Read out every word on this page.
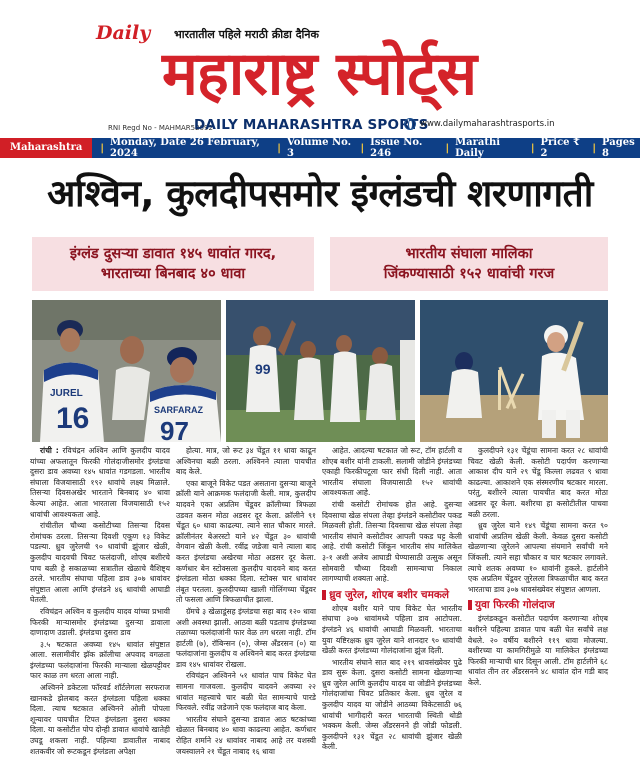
Daily भारतातील पहिले मराठी क्रीडा दैनिक
महाराष्ट्र स्पोर्ट्स
RNI Regd No - MAHMAR52092
DAILY MAHARASHTRA SPORTS
www.dailymaharashtrasports.in
Maharashtra	| Monday, Date 26 February, 2024	| Volume No. 3	| Issue No. 246	| Marathi Daily	| Price ₹ 2	| Pages 8
अश्विन, कुलदीपसमोर इंग्लंडची शरणागती
इंग्लंड दुसऱ्या डावात १४५ धावांत गारद,
भारताच्या बिनबाद ४० धावा
भारतीय संघाला मालिका
जिंकण्यासाठी १५२ धावांची गरज
JUREL
16	SARFARAZ
97
99

रांची : रविचंद्रन अश्विन आणि कुलदीप यादव यांच्या अफलातून फिरकी गोलंदाजीसमोर इंग्लंडचा दुसरा डाव अवघ्या १४५ धावांत गडगडला. भारतीय संघाला विजयासाठी १९२ धावांचे लक्ष्य मिळाले. तिसऱ्या दिवसअखेर भारताने बिनबाद ४० धावा केल्या आहेत. आता भारताला विजयासाठी १५२ धावांची आवश्यकता आहे.

रांचीतील चौथ्या कसोटीच्या तिसऱ्या दिवस रोमांचक ठरला. तिसऱ्या दिवशी एकूण १३ विकेट पडल्या. ध्रुव जुरेलची ९० धावांची झुंजार खेळी, कुलदीप यादवची चिवट फलंदाजी, शोएब बशीरचे पाच बळी हे सकाळच्या सत्रातील खेळाचे वैशिष्ट्य ठरले. भारतीय संघाचा पहिला डाव ३०७ धावांवर संपुष्टात आला आणि इंग्लंडने ४६ धावांची आघाडी घेतली.

रविचंद्रन अश्विन व कुलदीप यादव यांच्या प्रभावी फिरकी माऱ्यासमोर इंग्लंडच्या दुसऱ्या डावाला दाणादाण उडाली. इंग्लंडचा दुसरा डाव

३.५ षटकात अवघ्या १४५ धावांत संपुष्टात आला. सलामीवीर झॅक क्रॉलीचा अपवाद वगळता इंग्लंडच्या फलंदाजांना फिरकी माऱ्याला खेळपट्टीवर फार काळ तग धरता आला नाही.

अश्विनने डकेटला फॉरवर्ड शॉर्टलेगला सरफराज खानकडे झेलबाद करत इंग्लंडला पहिला धक्का दिला. त्याच षटकात अश्विनने ओली पोपला शून्यावर पायचीत टिपत इंग्लंडला दुसरा धक्का दिला. या कसोटीत पोप दोन्ही डावात धावांचे खातेही उघडू शकला नाही. पहिल्या डावातील नाबाद शतकवीर जो रूटकडून इंग्लंडला अपेक्षा

होत्या. मात्र, जो रूट ३४ चेंडूत ११ धावा काढून अश्विनचा बळी ठरला. अश्विनने त्याला पायचीत बाद केले.

एका बाजूने विकेट पडत असताना दुसऱ्या बाजूने क्रॉली याने आक्रमक फलंदाजी केली. मात्र, कुलदीप यादवने एका अप्रतिम चेंडूवर क्रॉलीच्या त्रिफळा उडवत कसन मोठा अडसर दूर केला. क्रॉलीने ९१ चेंडूत ६० धावा काढल्या. त्याने सात चौकार मारले. क्रॉलीनंतर बेअरस्टो याने ४२ चेंडूत ३० धावांची वेगवान खेळी केली. रवींद्र जडेजा याने त्याला बाद करत इंग्लंडचा अखेरचा मोठा अडसर दूर केला. कर्णधार बेन स्टोक्सला कुलदीप यादवने बाद करत इंग्लंडला मोठा धक्का दिला. स्टोक्स चार धावांवर तंबूत परतला. कुलदीपच्या खाली गोलिंगच्या चेंडूवर तो फसला आणि त्रिफळाचीत झाला.

ग्रॅमचे ३ खेळाडूंसह इंग्लंडचा सहा बाद १२० धावा अशी अवस्था झाली. आठवा बळी पडताच इंग्लंडच्या तळाच्या फलंदाजांनी फार वेळ तग धरला नाही. टॉम हार्टली (७), रॉबिन्सन (०), जेम्स अँडरसन (०) या फलंदाजांना कुलदीप व अश्विनने बाद करत इंग्लंडचा डाव १४५ धावांवर रोखला.

रविचंद्रन अश्विनने ५१ धावांत पाच विकेट घेत सामना गाजवला. कुलदीप यादवने अवघ्या २२ धावांत महत्त्वाचे चार बळी घेत सामन्याचे पारडे फिरवले. रवींद्र जडेजाने एक फलंदाज बाद केला.

भारतीय संघाने दुसऱ्या डावात आठ षटकांच्या खेळात बिनबाद ४० धावा काढल्या आहेत. कर्णधार रोहित शर्माने २४ धावांवर नाबाद आहे तर यशस्वी जयस्वालने २१ चेंडूत नाबाद १६ धावा

आहेत. आदल्या षटकात जो रूट, टॉम हार्टली व शोएब बशीर यांनी टाकली. सलामी जोडीने इंग्लंडच्या एकाही फिरकीपटूला फार संधी दिली नाही. आता भारतीय संघाला विजयासाठी १५२ धावांची आवश्यकता आहे.

रांची कसोटी रोमांचक होत आहे. दुसऱ्या दिवसाचा खेळ संपला तेव्हा इंग्लंडने कसोटीवर पकड मिळवली होती. तिसऱ्या दिवसाचा खेळ संपला तेव्हा भारतीय संघाने कसोटीवर आपली पकड घट्ट केली आहे. रांची कसोटी जिंकून भारतीय संघ मालिकेत ३-१ अशी अजेय आघाडी घेण्यासाठी उत्सुक असून सोमवारी चौथ्या दिवशी सामन्याचा निकाल लागण्याची शक्यता आहे.

ध्रुव जुरेल, शोएब बशीर चमकले

शोएब बशीर याने पाच विकेट घेत भारतीय संघाचा ३०७ धावांमध्ये पहिला डाव आटोपला. इंग्लंडने ४६ धावांची आघाडी मिळवली. भारताचा युवा यष्टिरक्षक ध्रुव जुरेल याने शानदार ९० धावांची खेळी करत इंग्लंडच्या गोलंदाजांना झुंज दिली.

भारतीय संघाने सात बाद २१९ धावसंख्येवर पुढे डाव सुरू केला. दुसरा कसोटी सामना खेळणाऱ्या ध्रुव जुरेल आणि कुलदीप यादव या जोडीने इंग्लंडच्या गोलंदाजांचा चिवट प्रतिकार केला. ध्रुव जुरेल व कुलदीप यादव या जोडीने आठव्या विकेटसाठी ७६ धावांची भागीदारी करत भारताची स्थिती थोडी भक्कम केली. जेम्स अँडरसनने ही जोडी फोडली. कुलदीपने १३१ चेंडूत २८ धावांची झुंजार खेळी केली.

कुलदीपने १३१ चेंडूंचा सामना करत २८ धावांची चिवट खेळी केली. कसोटी पदार्पण करणाऱ्या आकाश दीप याने २९ चेंडू किल्ला लढवत ९ धावा काढल्या. आकाशने एक संस्मरणीय षटकार मारला. परंतु, बशीरने त्याला पायचीत बाद करत मोठा अडसर दूर केला. बशीरचा हा कसोटीतील पाचवा बळी ठरला.

ध्रुव जुरेल याने १४९ चेंडूंचा सामना करत ९० धावांची अप्रतिम खेळी केली. केवळ दुसरा कसोटी खेळणाऱ्या जुरेलने आपल्या संयमाने सर्वांची मने जिंकली. त्याने सहा चौकार व चार षटकार लगावले. त्याचे शतक अवघ्या १० धावांनी हुकले. हार्टलीने एक अप्रतिम चेंडूवर जुरेलला त्रिफळाचीत बाद करत भारताचा डाव ३०७ धावसंख्येवर संपुष्टात आणला.

युवा फिरकी गोलंदाज

इंग्लंडकडून कसोटीत पदार्पण करणाऱ्या शोएब बशीरने पहिल्या डावात पाच बळी घेत सर्वांचे लक्ष वेधले. २० वर्षीय बशीरने ११९ धावा मोजल्या. बशीरच्या या कामगिरीमुळे या मालिकेत इंग्लंडच्या फिरकी माऱ्याची धार दिसून आली. टॉम हार्टलीने ६८ धावांत तीन तर अँडरसनने ४८ धावांत दोन गडी बाद केले.
